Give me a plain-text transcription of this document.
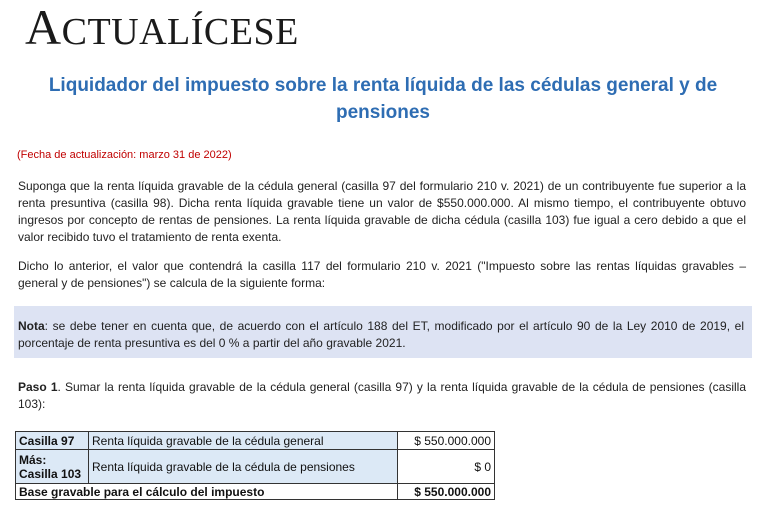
ACTUALÍCESE
Liquidador del impuesto sobre la renta líquida de las cédulas general y de pensiones
(Fecha de actualización: marzo 31 de 2022)
Suponga que la renta líquida gravable de la cédula general (casilla 97 del formulario 210 v. 2021) de un contribuyente fue superior a la renta presuntiva (casilla 98). Dicha renta líquida gravable tiene un valor de $550.000.000. Al mismo tiempo, el contribuyente obtuvo ingresos por concepto de rentas de pensiones. La renta líquida gravable de dicha cédula (casilla 103) fue igual a cero debido a que el valor recibido tuvo el tratamiento de renta exenta.
Dicho lo anterior, el valor que contendrá la casilla 117 del formulario 210 v. 2021 ("Impuesto sobre las rentas líquidas gravables – general y de pensiones") se calcula de la siguiente forma:
Nota: se debe tener en cuenta que, de acuerdo con el artículo 188 del ET, modificado por el artículo 90 de la Ley 2010 de 2019, el porcentaje de renta presuntiva es del 0 % a partir del año gravable 2021.
Paso 1. Sumar la renta líquida gravable de la cédula general (casilla 97) y la renta líquida gravable de la cédula de pensiones (casilla 103):
Casilla 97	Renta líquida gravable de la cédula general	$ 550.000.000

Más:
Casilla 103	Renta líquida gravable de la cédula de pensiones	$ 0
Base gravable para el cálculo del impuesto		$ 550.000.000
